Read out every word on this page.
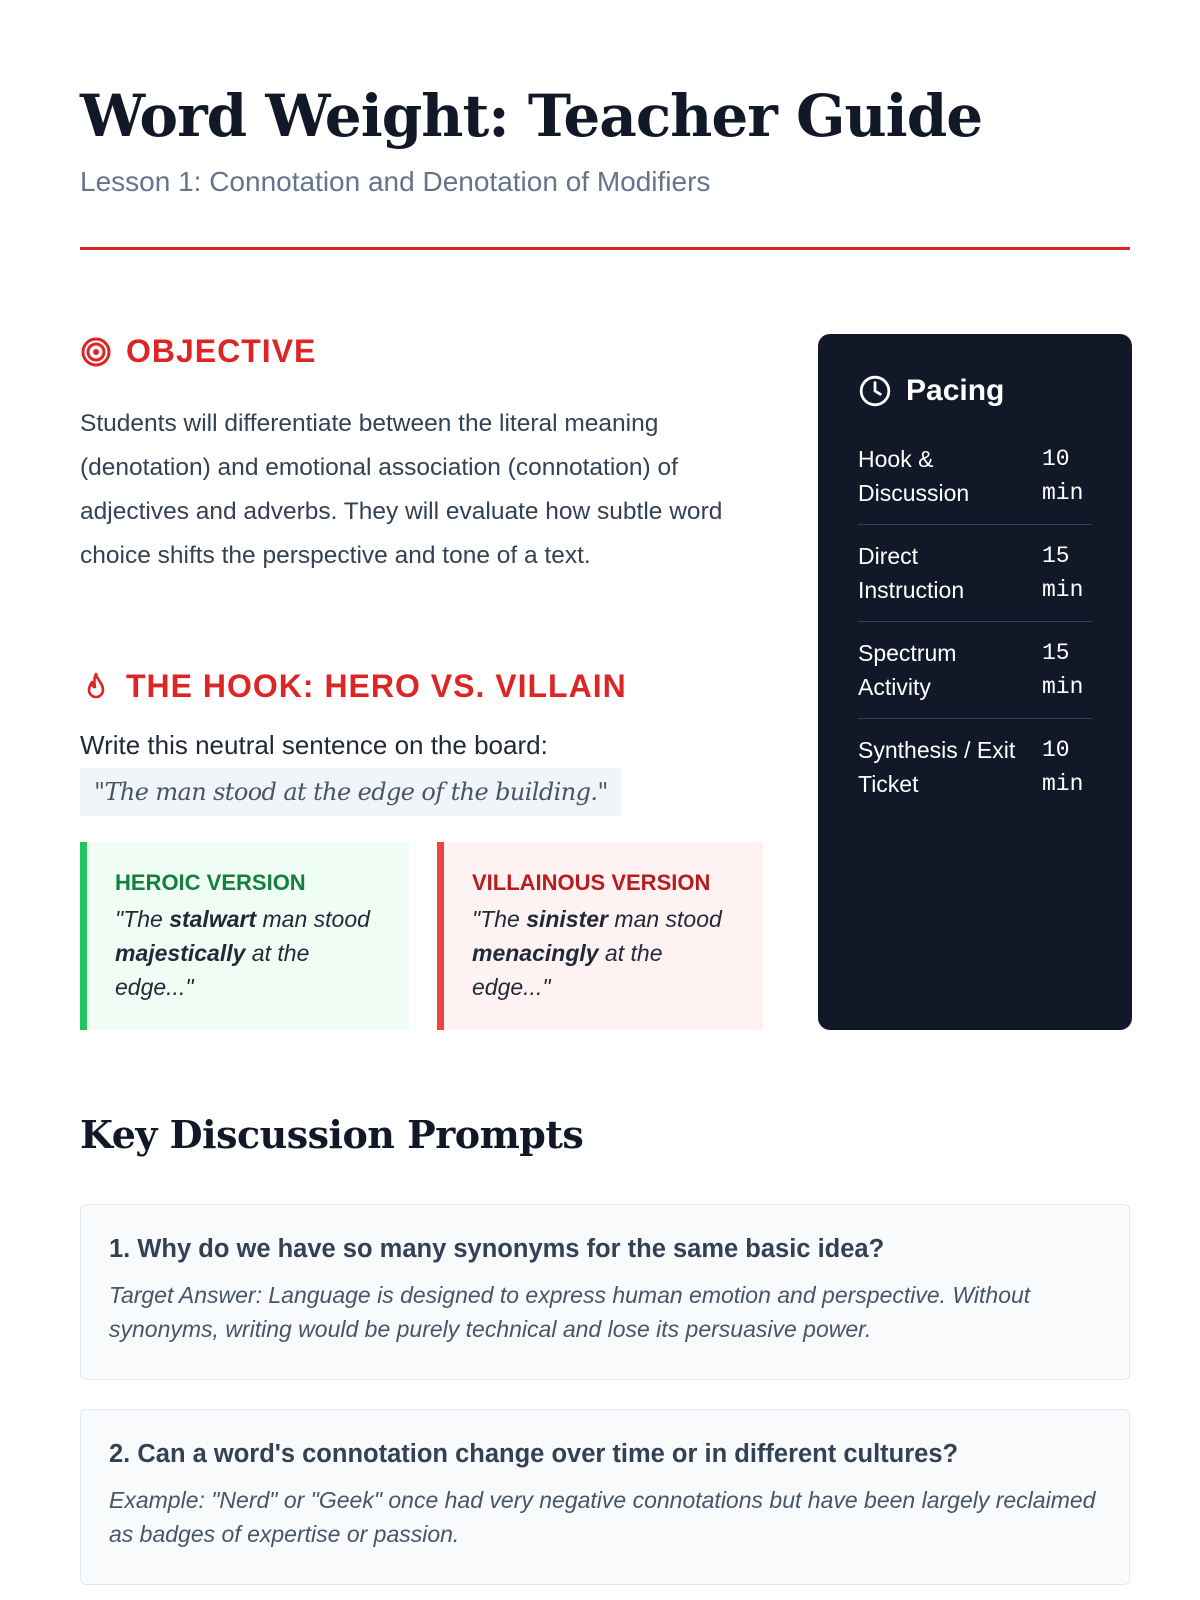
Word Weight: Teacher Guide
Lesson 1: Connotation and Denotation of Modifiers
OBJECTIVE

Students will differentiate between the literal meaning (denotation) and emotional association (connotation) of adjectives and adverbs. They will evaluate how subtle word choice shifts the perspective and tone of a text.

THE HOOK: HERO VS. VILLAIN
Write this neutral sentence on the board:
"The man stood at the edge of the building."
HEROIC VERSION
"The stalwart man stood majestically at the edge..."
VILLAINOUS VERSION
"The sinister man stood menacingly at the edge..."
Pacing
Hook & Discussion
10 min
Direct Instruction
15 min
Spectrum Activity
15 min
Synthesis / Exit Ticket
10 min
Key Discussion Prompts
1. Why do we have so many synonyms for the same basic idea?
Target Answer: Language is designed to express human emotion and perspective. Without synonyms, writing would be purely technical and lose its persuasive power.
2. Can a word's connotation change over time or in different cultures?
Example: "Nerd" or "Geek" once had very negative connotations but have been largely reclaimed as badges of expertise or passion.
